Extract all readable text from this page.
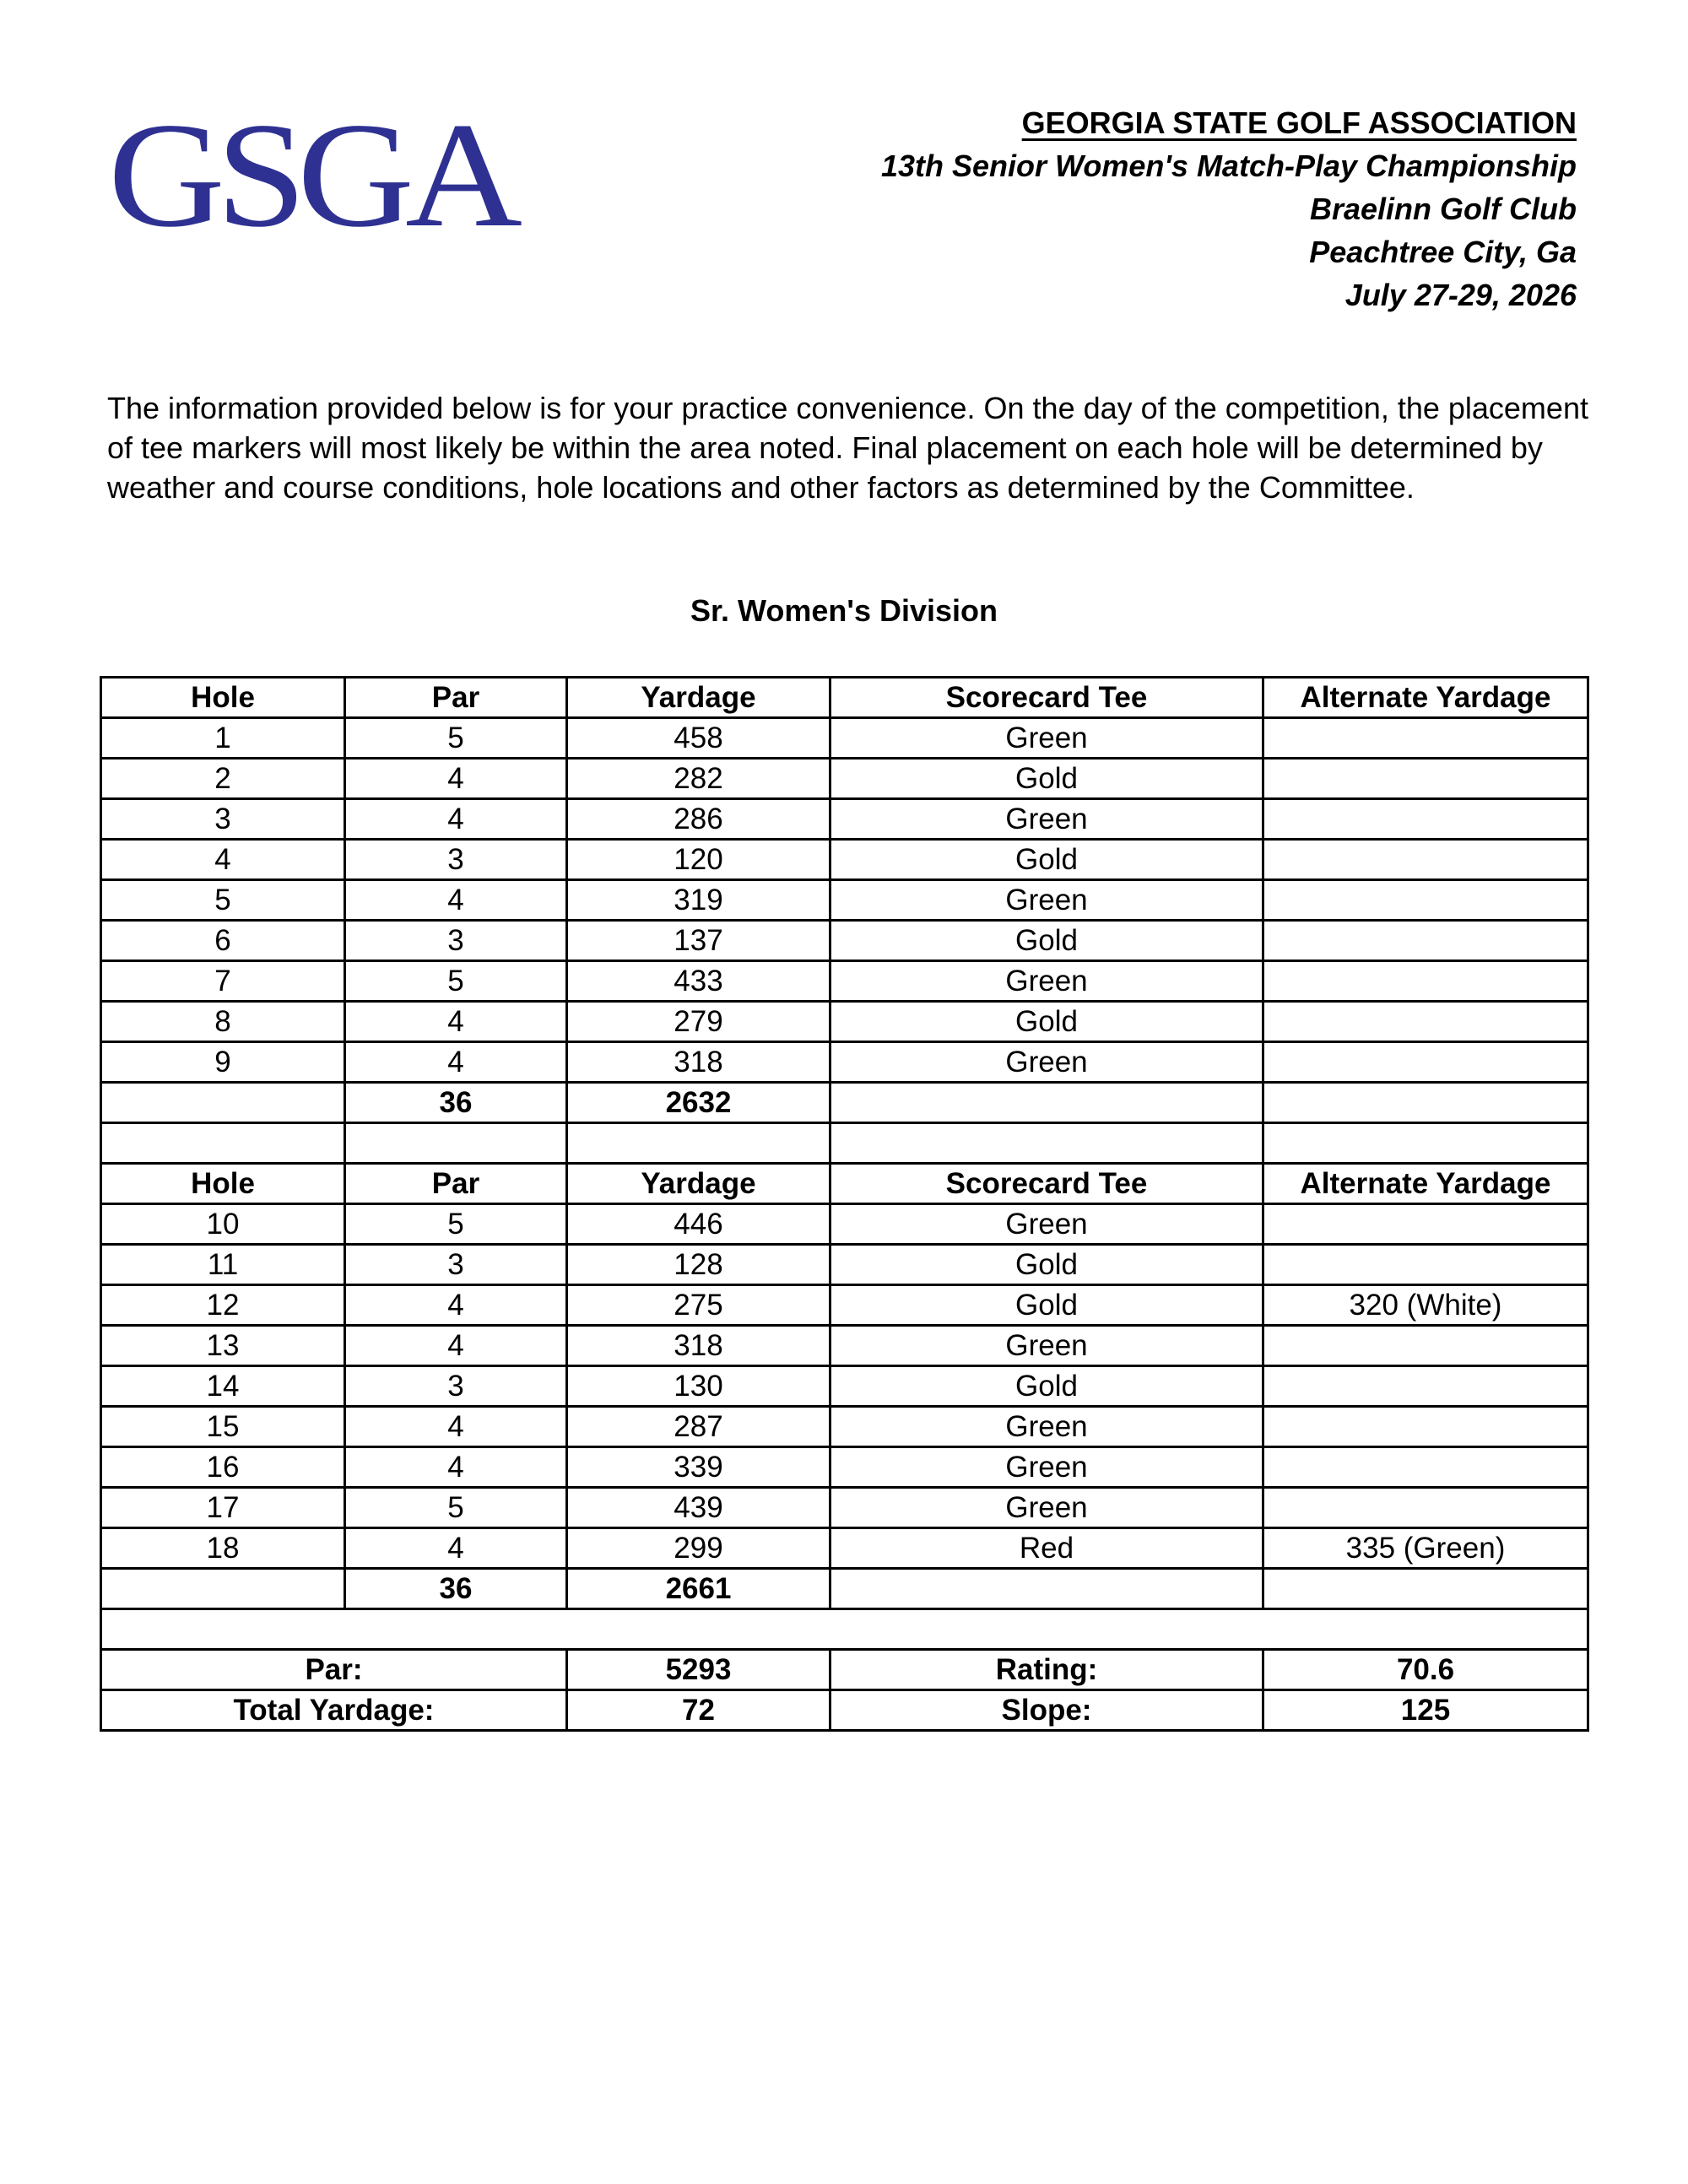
GSGA	GEORGIA STATE GOLF ASSOCIATION
13th Senior Women's Match-Play Championship
Braelinn Golf Club
Peachtree City, Ga
July 27-29, 2026
The information provided below is for your practice convenience. On the day of the competition, the placement of tee markers will most likely be within the area noted. Final placement on each hole will be determined by weather and course conditions, hole locations and other factors as determined by the Committee.
Sr. Women's Division
Hole	Par	Yardage	Scorecard Tee	Alternate Yardage
1	5	458	Green	
2	4	282	Gold	
3	4	286	Green	
4	3	120	Gold	
5	4	319	Green	
6	3	137	Gold	
7	5	433	Green	
8	4	279	Gold	
9	4	318	Green	
	36	2632		

Hole	Par	Yardage	Scorecard Tee	Alternate Yardage
10	5	446	Green	
11	3	128	Gold	
12	4	275	Gold	320 (White)
13	4	318	Green	
14	3	130	Gold	
15	4	287	Green	
16	4	339	Green	
17	5	439	Green	
18	4	299	Red	335 (Green)
	36	2661		

Par:		5293	Rating:	70.6
Total Yardage:		72	Slope:	125
